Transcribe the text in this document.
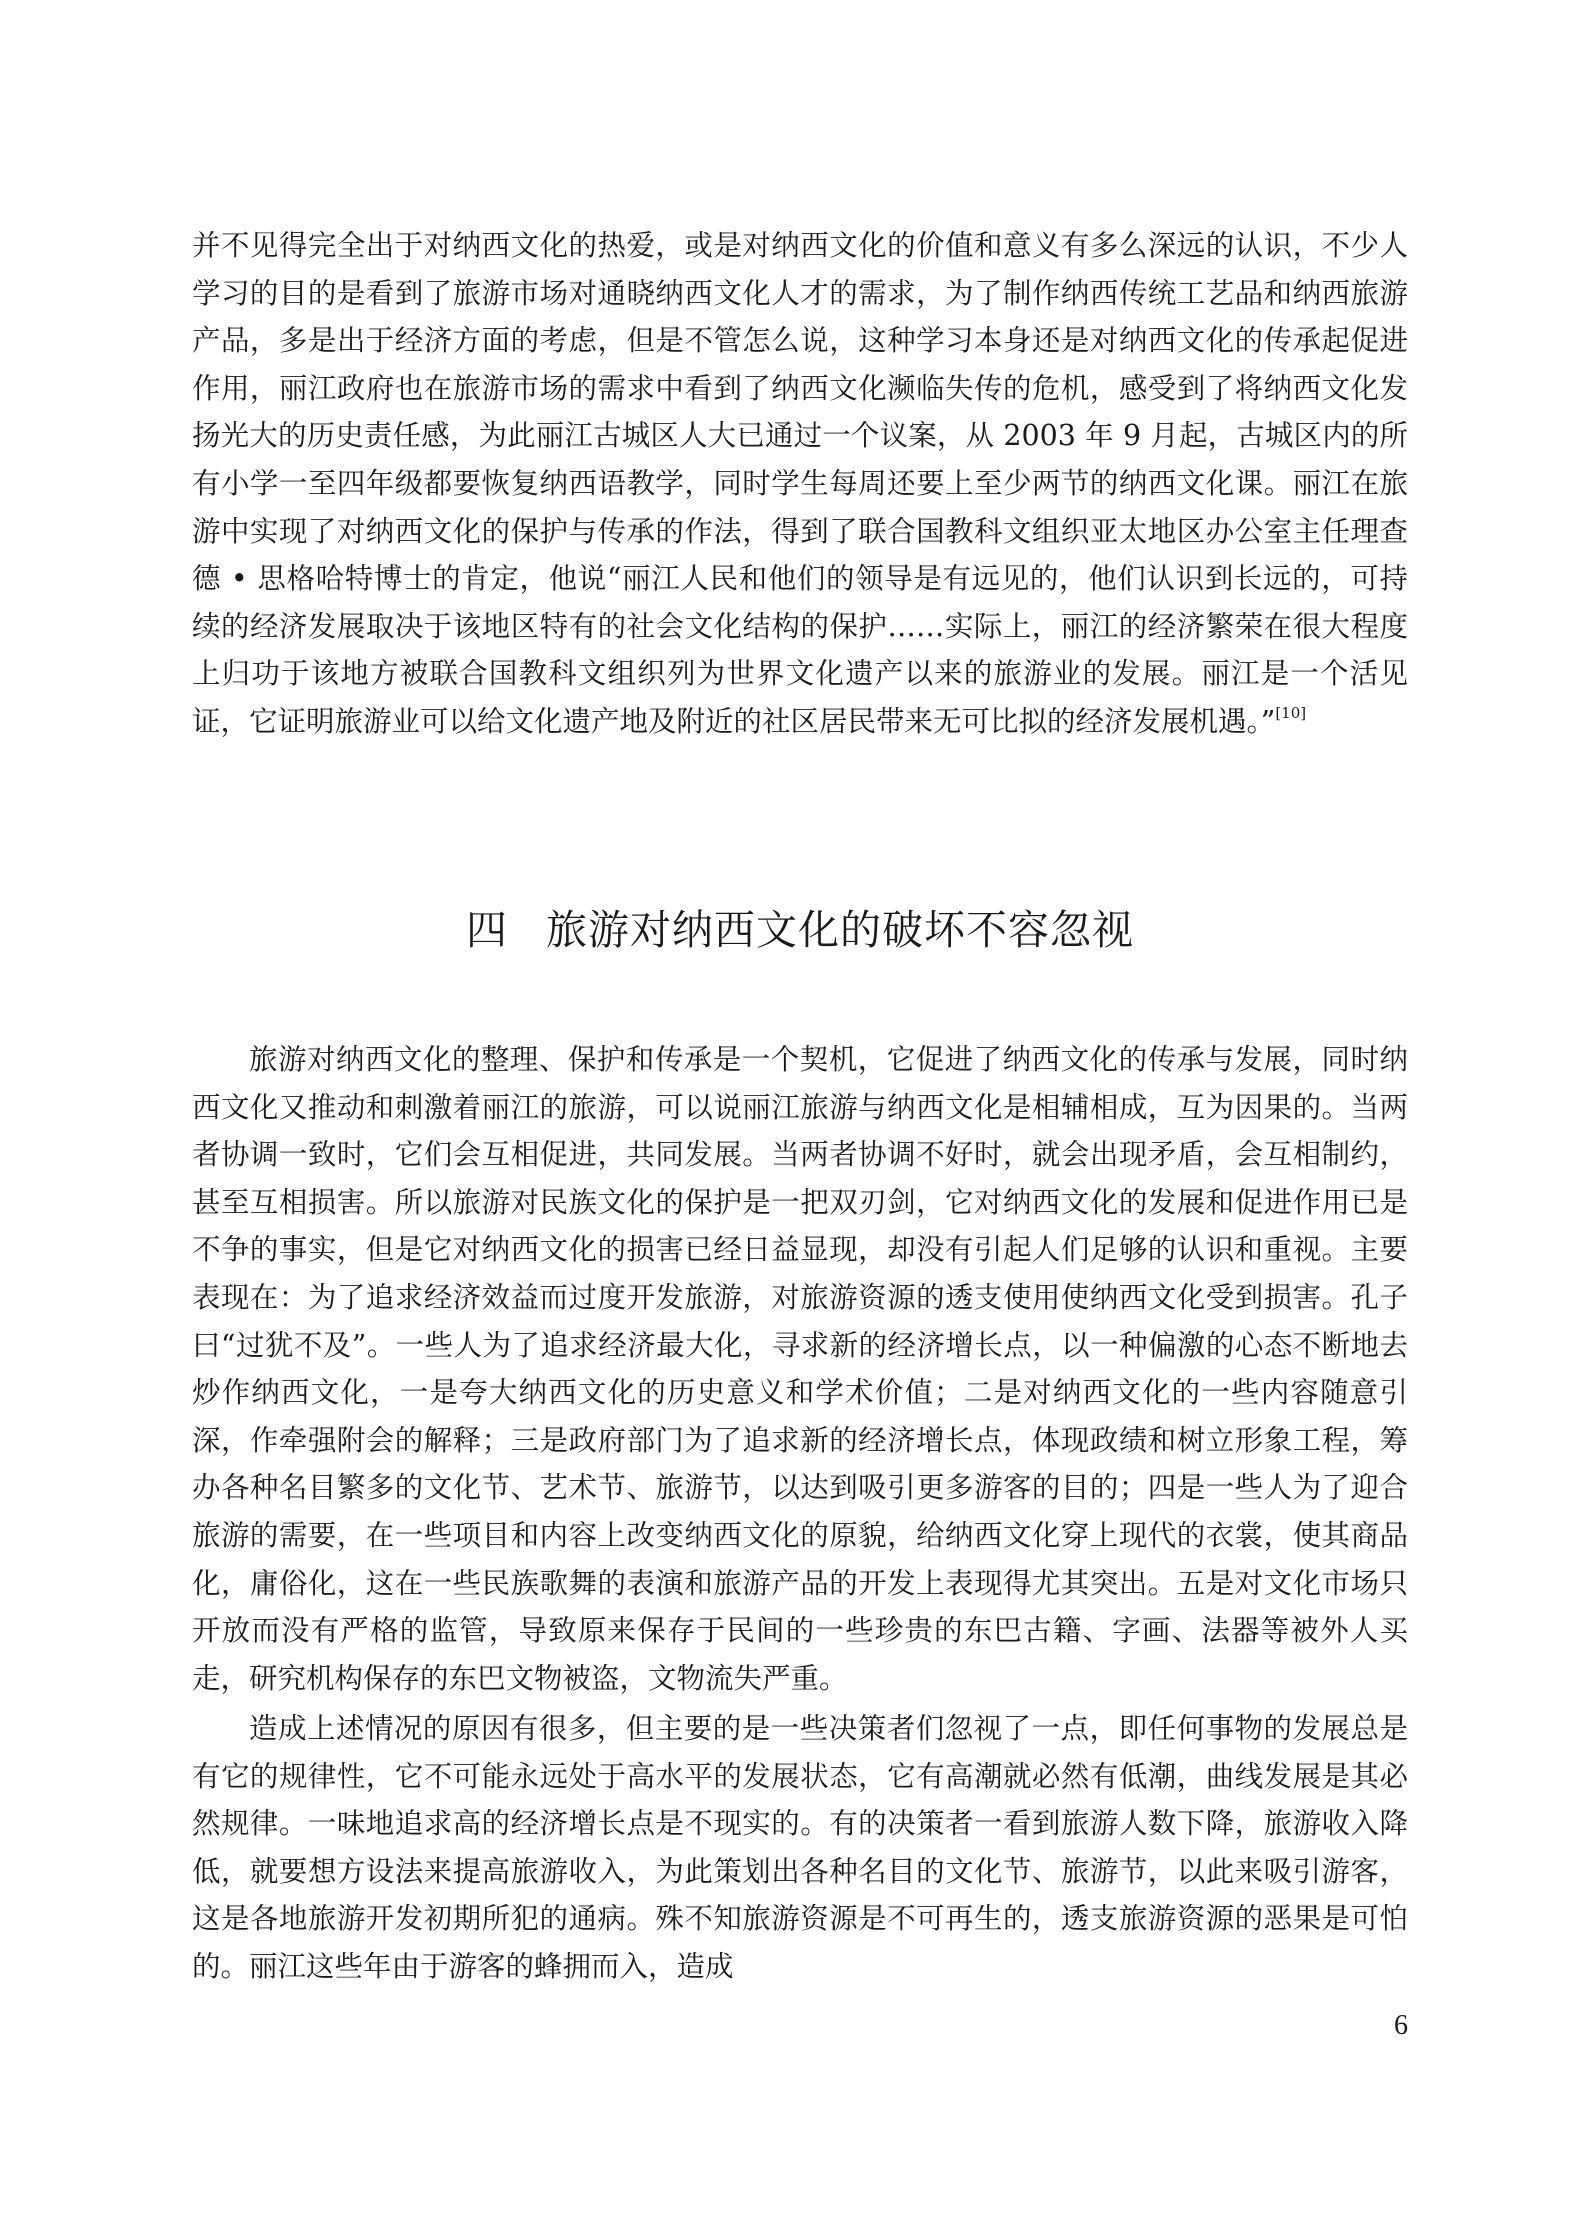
并不见得完全出于对纳西文化的热爱，或是对纳西文化的价值和意义有多么深远的认识，不少人学习的目的是看到了旅游市场对通晓纳西文化人才的需求，为了制作纳西传统工艺品和纳西旅游产品，多是出于经济方面的考虑，但是不管怎么说，这种学习本身还是对纳西文化的传承起促进作用，丽江政府也在旅游市场的需求中看到了纳西文化濒临失传的危机，感受到了将纳西文化发扬光大的历史责任感，为此丽江古城区人大已通过一个议案，从 2003 年 9 月起，古城区内的所有小学一至四年级都要恢复纳西语教学，同时学生每周还要上至少两节的纳西文化课。丽江在旅游中实现了对纳西文化的保护与传承的作法，得到了联合国教科文组织亚太地区办公室主任理查德 • 思格哈特博士的肯定，他说“丽江人民和他们的领导是有远见的，他们认识到长远的，可持续的经济发展取决于该地区特有的社会文化结构的保护……实际上，丽江的经济繁荣在很大程度上归功于该地方被联合国教科文组织列为世界文化遗产以来的旅游业的发展。丽江是一个活见证，它证明旅游业可以给文化遗产地及附近的社区居民带来无可比拟的经济发展机遇。”[10]

四 旅游对纳西文化的破坏不容忽视

旅游对纳西文化的整理、保护和传承是一个契机，它促进了纳西文化的传承与发展，同时纳西文化又推动和刺激着丽江的旅游，可以说丽江旅游与纳西文化是相辅相成，互为因果的。当两者协调一致时，它们会互相促进，共同发展。当两者协调不好时，就会出现矛盾，会互相制约，甚至互相损害。所以旅游对民族文化的保护是一把双刃剑，它对纳西文化的发展和促进作用已是不争的事实，但是它对纳西文化的损害已经日益显现，却没有引起人们足够的认识和重视。主要表现在：为了追求经济效益而过度开发旅游，对旅游资源的透支使用使纳西文化受到损害。孔子曰“过犹不及”。一些人为了追求经济最大化，寻求新的经济增长点，以一种偏激的心态不断地去炒作纳西文化，一是夸大纳西文化的历史意义和学术价值；二是对纳西文化的一些内容随意引深，作牵强附会的解释；三是政府部门为了追求新的经济增长点，体现政绩和树立形象工程，筹办各种名目繁多的文化节、艺术节、旅游节，以达到吸引更多游客的目的；四是一些人为了迎合旅游的需要，在一些项目和内容上改变纳西文化的原貌，给纳西文化穿上现代的衣裳，使其商品化，庸俗化，这在一些民族歌舞的表演和旅游产品的开发上表现得尤其突出。五是对文化市场只开放而没有严格的监管，导致原来保存于民间的一些珍贵的东巴古籍、字画、法器等被外人买走，研究机构保存的东巴文物被盗，文物流失严重。

造成上述情况的原因有很多，但主要的是一些决策者们忽视了一点，即任何事物的发展总是有它的规律性，它不可能永远处于高水平的发展状态，它有高潮就必然有低潮，曲线发展是其必然规律。一味地追求高的经济增长点是不现实的。有的决策者一看到旅游人数下降，旅游收入降低，就要想方设法来提高旅游收入，为此策划出各种名目的文化节、旅游节，以此来吸引游客，这是各地旅游开发初期所犯的通病。殊不知旅游资源是不可再生的，透支旅游资源的恶果是可怕的。丽江这些年由于游客的蜂拥而入，造成

6
